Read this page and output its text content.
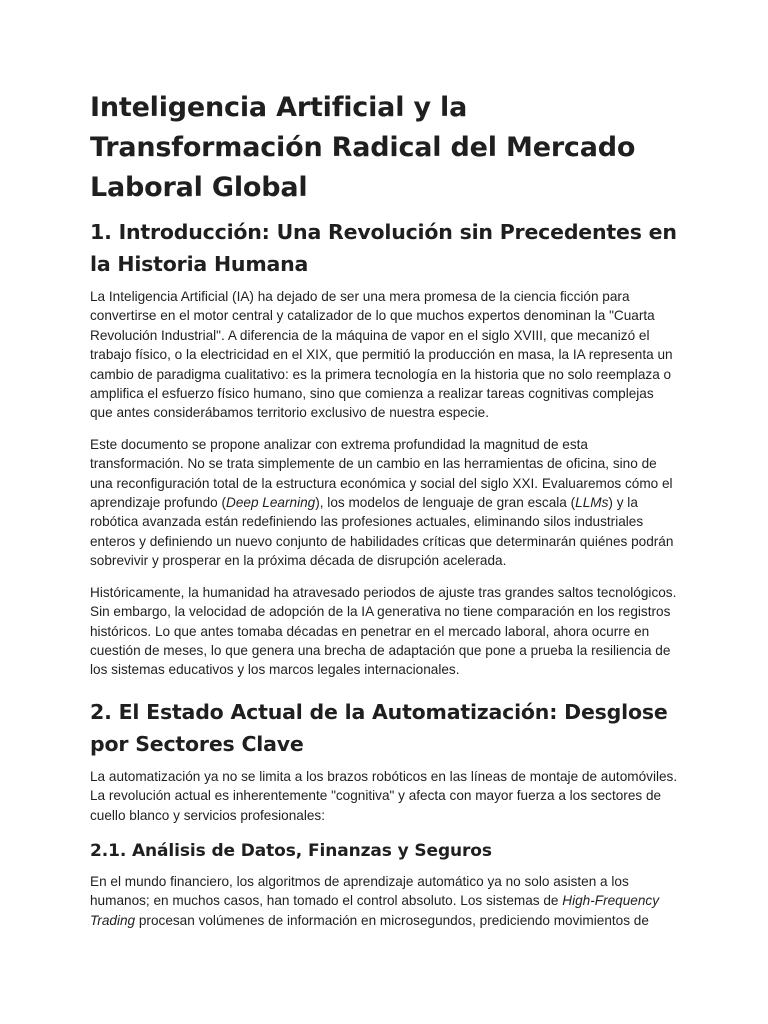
Inteligencia Artificial y la Transformación Radical del Mercado Laboral Global
1. Introducción: Una Revolución sin Precedentes en la Historia Humana

La Inteligencia Artificial (IA) ha dejado de ser una mera promesa de la ciencia ficción para convertirse en el motor central y catalizador de lo que muchos expertos denominan la "Cuarta Revolución Industrial". A diferencia de la máquina de vapor en el siglo XVIII, que mecanizó el trabajo físico, o la electricidad en el XIX, que permitió la producción en masa, la IA representa un cambio de paradigma cualitativo: es la primera tecnología en la historia que no solo reemplaza o amplifica el esfuerzo físico humano, sino que comienza a realizar tareas cognitivas complejas que antes considerábamos territorio exclusivo de nuestra especie.

Este documento se propone analizar con extrema profundidad la magnitud de esta transformación. No se trata simplemente de un cambio en las herramientas de oficina, sino de una reconfiguración total de la estructura económica y social del siglo XXI. Evaluaremos cómo el aprendizaje profundo (Deep Learning), los modelos de lenguaje de gran escala (LLMs) y la robótica avanzada están redefiniendo las profesiones actuales, eliminando silos industriales enteros y definiendo un nuevo conjunto de habilidades críticas que determinarán quiénes podrán sobrevivir y prosperar en la próxima década de disrupción acelerada.

Históricamente, la humanidad ha atravesado periodos de ajuste tras grandes saltos tecnológicos. Sin embargo, la velocidad de adopción de la IA generativa no tiene comparación en los registros históricos. Lo que antes tomaba décadas en penetrar en el mercado laboral, ahora ocurre en cuestión de meses, lo que genera una brecha de adaptación que pone a prueba la resiliencia de los sistemas educativos y los marcos legales internacionales.

2. El Estado Actual de la Automatización: Desglose por Sectores Clave

La automatización ya no se limita a los brazos robóticos en las líneas de montaje de automóviles. La revolución actual es inherentemente "cognitiva" y afecta con mayor fuerza a los sectores de cuello blanco y servicios profesionales:

2.1. Análisis de Datos, Finanzas y Seguros

En el mundo financiero, los algoritmos de aprendizaje automático ya no solo asisten a los humanos; en muchos casos, han tomado el control absoluto. Los sistemas de High-Frequency Trading procesan volúmenes de información en microsegundos, prediciendo movimientos de
